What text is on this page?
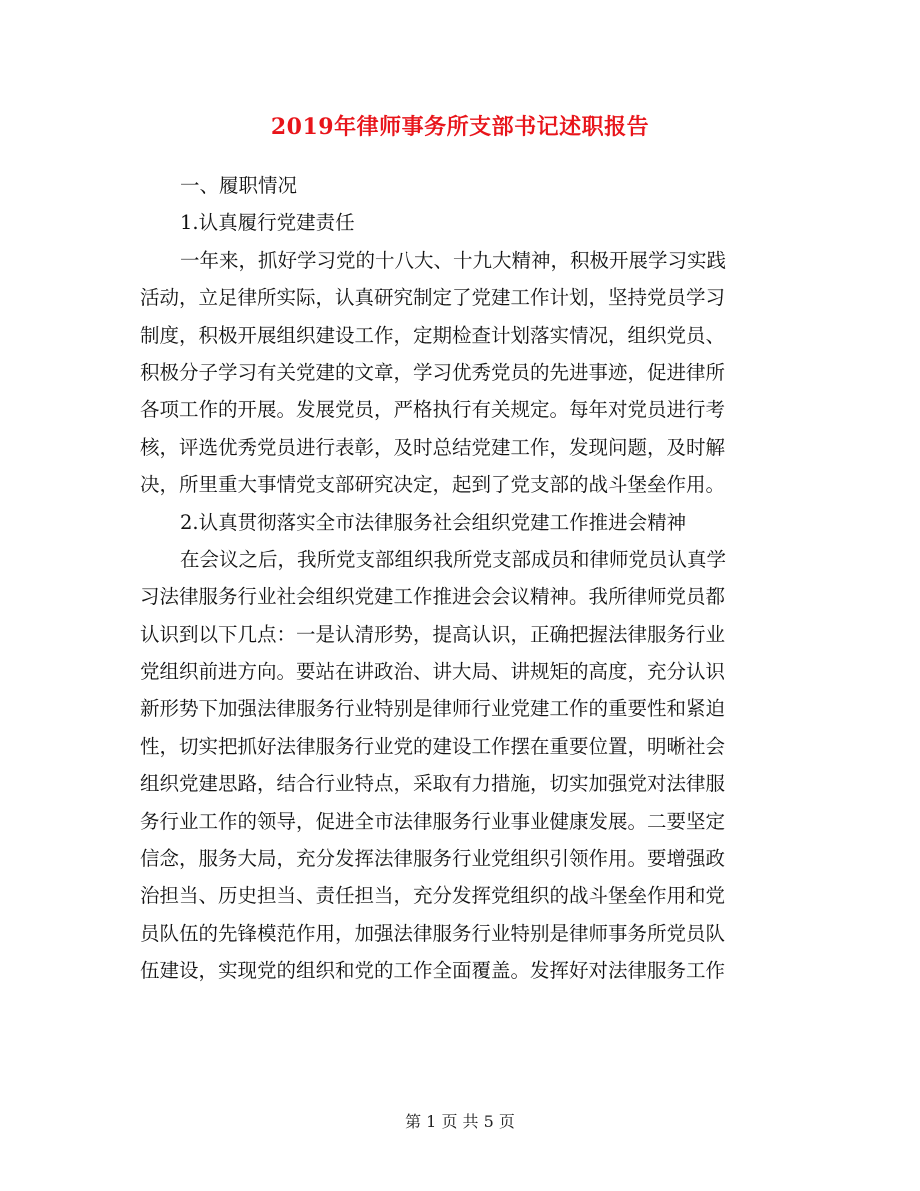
2019年律师事务所支部书记述职报告
一、履职情况
1.认真履行党建责任
一年来，抓好学习党的十八大、十九大精神，积极开展学习实践
活动，立足律所实际，认真研究制定了党建工作计划，坚持党员学习
制度，积极开展组织建设工作，定期检查计划落实情况，组织党员、
积极分子学习有关党建的文章，学习优秀党员的先进事迹，促进律所
各项工作的开展。发展党员，严格执行有关规定。每年对党员进行考
核，评选优秀党员进行表彰，及时总结党建工作，发现问题，及时解
决，所里重大事情党支部研究决定，起到了党支部的战斗堡垒作用。
2.认真贯彻落实全市法律服务社会组织党建工作推进会精神
在会议之后，我所党支部组织我所党支部成员和律师党员认真学
习法律服务行业社会组织党建工作推进会会议精神。我所律师党员都
认识到以下几点：一是认清形势，提高认识，正确把握法律服务行业
党组织前进方向。要站在讲政治、讲大局、讲规矩的高度，充分认识
新形势下加强法律服务行业特别是律师行业党建工作的重要性和紧迫
性，切实把抓好法律服务行业党的建设工作摆在重要位置，明晰社会
组织党建思路，结合行业特点，采取有力措施，切实加强党对法律服
务行业工作的领导，促进全市法律服务行业事业健康发展。二要坚定
信念，服务大局，充分发挥法律服务行业党组织引领作用。要增强政
治担当、历史担当、责任担当，充分发挥党组织的战斗堡垒作用和党
员队伍的先锋模范作用，加强法律服务行业特别是律师事务所党员队
伍建设，实现党的组织和党的工作全面覆盖。发挥好对法律服务工作
第 1 页 共 5 页
